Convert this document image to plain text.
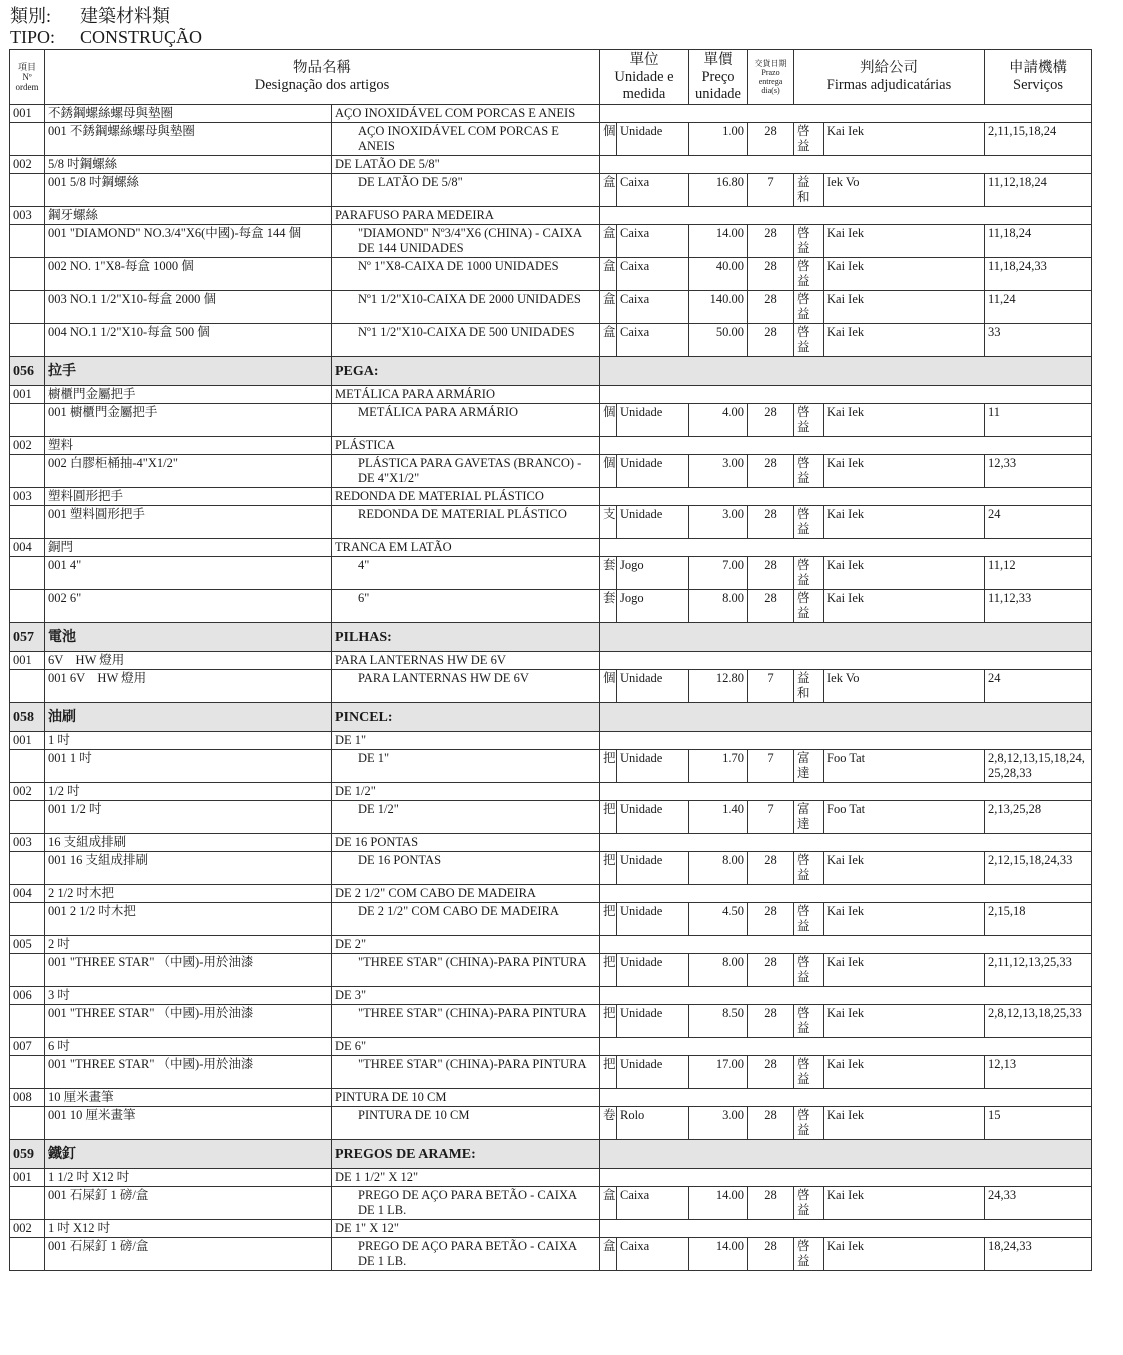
類別: 建築材料類
TIPO: CONSTRUÇÃO
項目
Nº
ordem	物品名稱
Designação dos artigos		單位
Unidade e medida		單價
Preço unidade	交貨日期
Prazo entrega dia(s)	判給公司
Firmas adjudicatárias		申請機構
Serviços
001	不銹鋼螺絲螺母與墊圈	AÇO INOXIDÁVEL COM PORCAS E ANEIS							
	001 不銹鋼螺絲螺母與墊圈	AÇO INOXIDÁVEL COM PORCAS E ANEIS	個	Unidade	1.00	28	啓益	Kai Iek	2,11,15,18,24
002	5/8 吋鋼螺絲	DE LATÃO DE 5/8"							
	001 5/8 吋鋼螺絲	DE LATÃO DE 5/8"	盒	Caixa	16.80	7	益和	Iek Vo	11,12,18,24
003	鋼牙螺絲	PARAFUSO PARA MEDEIRA							
	001 "DIAMOND" NO.3/4"X6(中國)-每盒 144 個	"DIAMOND" Nº3/4"X6 (CHINA) - CAIXA DE 144 UNIDADES	盒	Caixa	14.00	28	啓益	Kai Iek	11,18,24
	002 NO. 1"X8-每盒 1000 個	Nº 1"X8-CAIXA DE 1000 UNIDADES	盒	Caixa	40.00	28	啓益	Kai Iek	11,18,24,33
	003 NO.1 1/2"X10-每盒 2000 個	Nº1 1/2"X10-CAIXA DE 2000 UNIDADES	盒	Caixa	140.00	28	啓益	Kai Iek	11,24
	004 NO.1 1/2"X10-每盒 500 個	Nº1 1/2"X10-CAIXA DE 500 UNIDADES	盒	Caixa	50.00	28	啓益	Kai Iek	33
056	拉手	PEGA:							
001	櫥櫃門金屬把手	METÁLICA PARA ARMÁRIO							
	001 櫥櫃門金屬把手	METÁLICA PARA ARMÁRIO	個	Unidade	4.00	28	啓益	Kai Iek	11
002	塑料	PLÁSTICA							
	002 白膠柜桶抽-4"X1/2"	PLÁSTICA PARA GAVETAS (BRANCO) -DE 4"X1/2"	個	Unidade	3.00	28	啓益	Kai Iek	12,33
003	塑料圓形把手	REDONDA DE MATERIAL PLÁSTICO							
	001 塑料圓形把手	REDONDA DE MATERIAL PLÁSTICO	支	Unidade	3.00	28	啓益	Kai Iek	24
004	銅閂	TRANCA EM LATÃO							
	001 4"	4"	套	Jogo	7.00	28	啓益	Kai Iek	11,12
	002 6"	6"	套	Jogo	8.00	28	啓益	Kai Iek	11,12,33
057	電池	PILHAS:							
001	6V　HW 燈用	PARA LANTERNAS HW DE 6V							
	001 6V　HW 燈用	PARA LANTERNAS HW DE 6V	個	Unidade	12.80	7	益和	Iek Vo	24
058	油刷	PINCEL:							
001	1 吋	DE 1"							
	001 1 吋	DE 1"	把	Unidade	1.70	7	富達	Foo Tat	2,8,12,13,15,18,24,25,28,33
002	1/2 吋	DE 1/2"							
	001 1/2 吋	DE 1/2"	把	Unidade	1.40	7	富達	Foo Tat	2,13,25,28
003	16 支組成排刷	DE 16 PONTAS							
	001 16 支組成排刷	DE 16 PONTAS	把	Unidade	8.00	28	啓益	Kai Iek	2,12,15,18,24,33
004	2 1/2 吋木把	DE 2 1/2" COM CABO DE MADEIRA							
	001 2 1/2 吋木把	DE 2 1/2" COM CABO DE MADEIRA	把	Unidade	4.50	28	啓益	Kai Iek	2,15,18
005	2 吋	DE 2"							
	001 "THREE STAR" （中國)-用於油漆	"THREE STAR" (CHINA)-PARA PINTURA	把	Unidade	8.00	28	啓益	Kai Iek	2,11,12,13,25,33
006	3 吋	DE 3"							
	001 "THREE STAR" （中國)-用於油漆	"THREE STAR" (CHINA)-PARA PINTURA	把	Unidade	8.50	28	啓益	Kai Iek	2,8,12,13,18,25,33
007	6 吋	DE 6"							
	001 "THREE STAR" （中國)-用於油漆	"THREE STAR" (CHINA)-PARA PINTURA	把	Unidade	17.00	28	啓益	Kai Iek	12,13
008	10 厘米畫筆	PINTURA DE 10 CM							
	001 10 厘米畫筆	PINTURA DE 10 CM	卷	Rolo	3.00	28	啓益	Kai Iek	15
059	鐵釘	PREGOS DE ARAME:							
001	1 1/2 吋 X12 吋	DE 1 1/2" X 12"							
	001 石屎釘 1 磅/盒	PREGO DE AÇO PARA BETÃO - CAIXA DE 1 LB.	盒	Caixa	14.00	28	啓益	Kai Iek	24,33
002	1 吋 X12 吋	DE 1" X 12"							
	001 石屎釘 1 磅/盒	PREGO DE AÇO PARA BETÃO - CAIXA DE 1 LB.	盒	Caixa	14.00	28	啓益	Kai Iek	18,24,33
